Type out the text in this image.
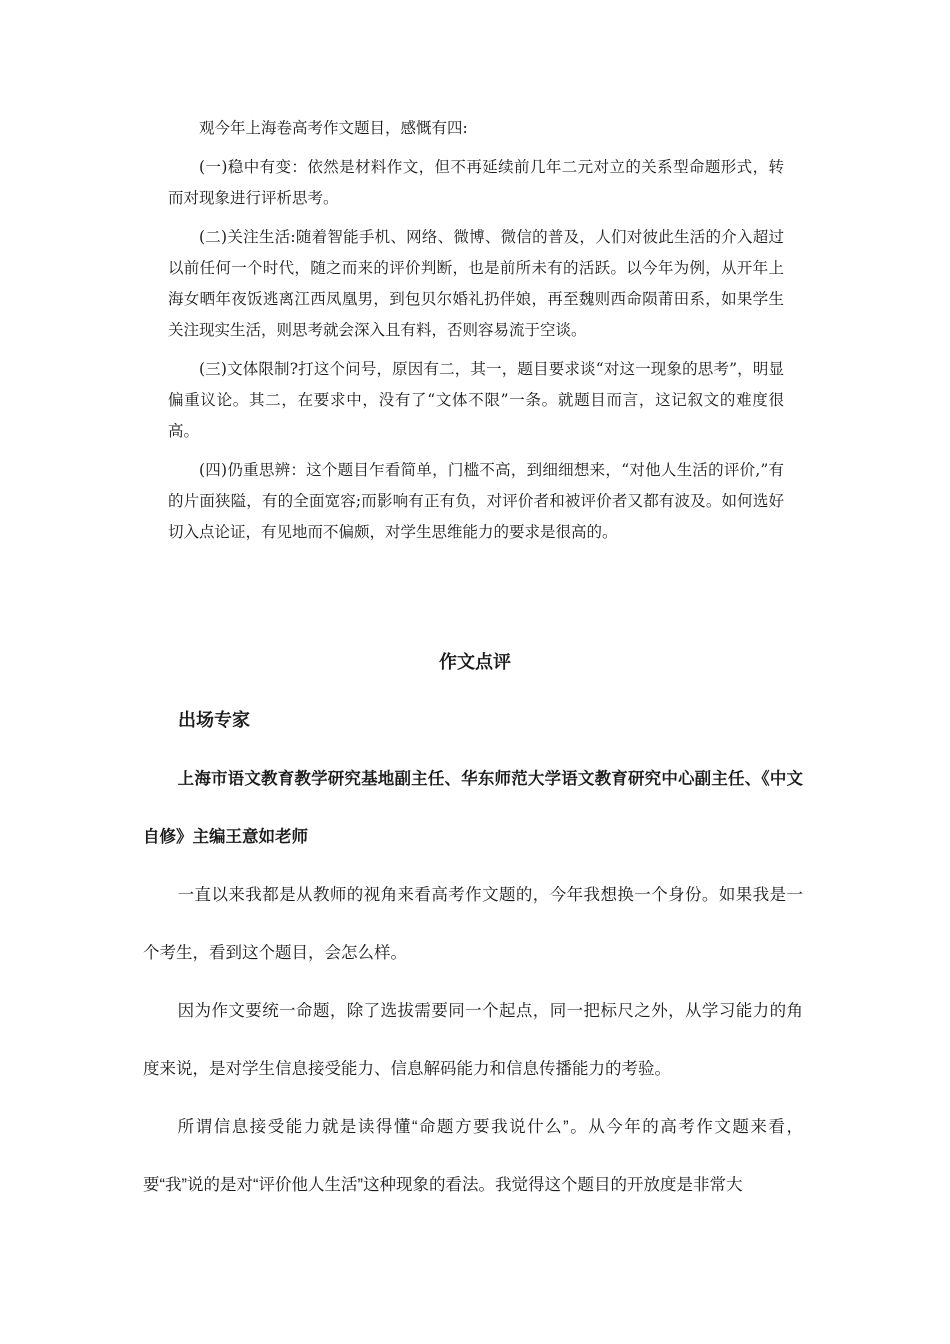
观今年上海卷高考作文题目，感慨有四:

(一)稳中有变：依然是材料作文，但不再延续前几年二元对立的关系型命题形式，转而对现象进行评析思考。

(二)关注生活:随着智能手机、网络、微博、微信的普及，人们对彼此生活的介入超过以前任何一个时代，随之而来的评价判断，也是前所未有的活跃。以今年为例，从开年上海女晒年夜饭逃离江西凤凰男，到包贝尔婚礼扔伴娘，再至魏则西命陨莆田系，如果学生关注现实生活，则思考就会深入且有料，否则容易流于空谈。

(三)文体限制?打这个问号，原因有二，其一，题目要求谈“对这一现象的思考”，明显偏重议论。其二，在要求中，没有了“文体不限”一条。就题目而言，这记叙文的难度很高。

(四)仍重思辨：这个题目乍看简单，门槛不高，到细细想来，“对他人生活的评价,”有的片面狭隘，有的全面宽容;而影响有正有负，对评价者和被评价者又都有波及。如何选好切入点论证，有见地而不偏颇，对学生思维能力的要求是很高的。

作文点评
出场专家

上海市语文教育教学研究基地副主任、华东师范大学语文教育研究中心副主任、《中文自修》主编王意如老师

一直以来我都是从教师的视角来看高考作文题的，今年我想换一个身份。如果我是一个考生，看到这个题目，会怎么样。

因为作文要统一命题，除了选拔需要同一个起点，同一把标尺之外，从学习能力的角度来说，是对学生信息接受能力、信息解码能力和信息传播能力的考验。

所谓信息接受能力就是读得懂“命题方要我说什么”。从今年的高考作文题来看，要“我”说的是对“评价他人生活”这种现象的看法。我觉得这个题目的开放度是非常大
